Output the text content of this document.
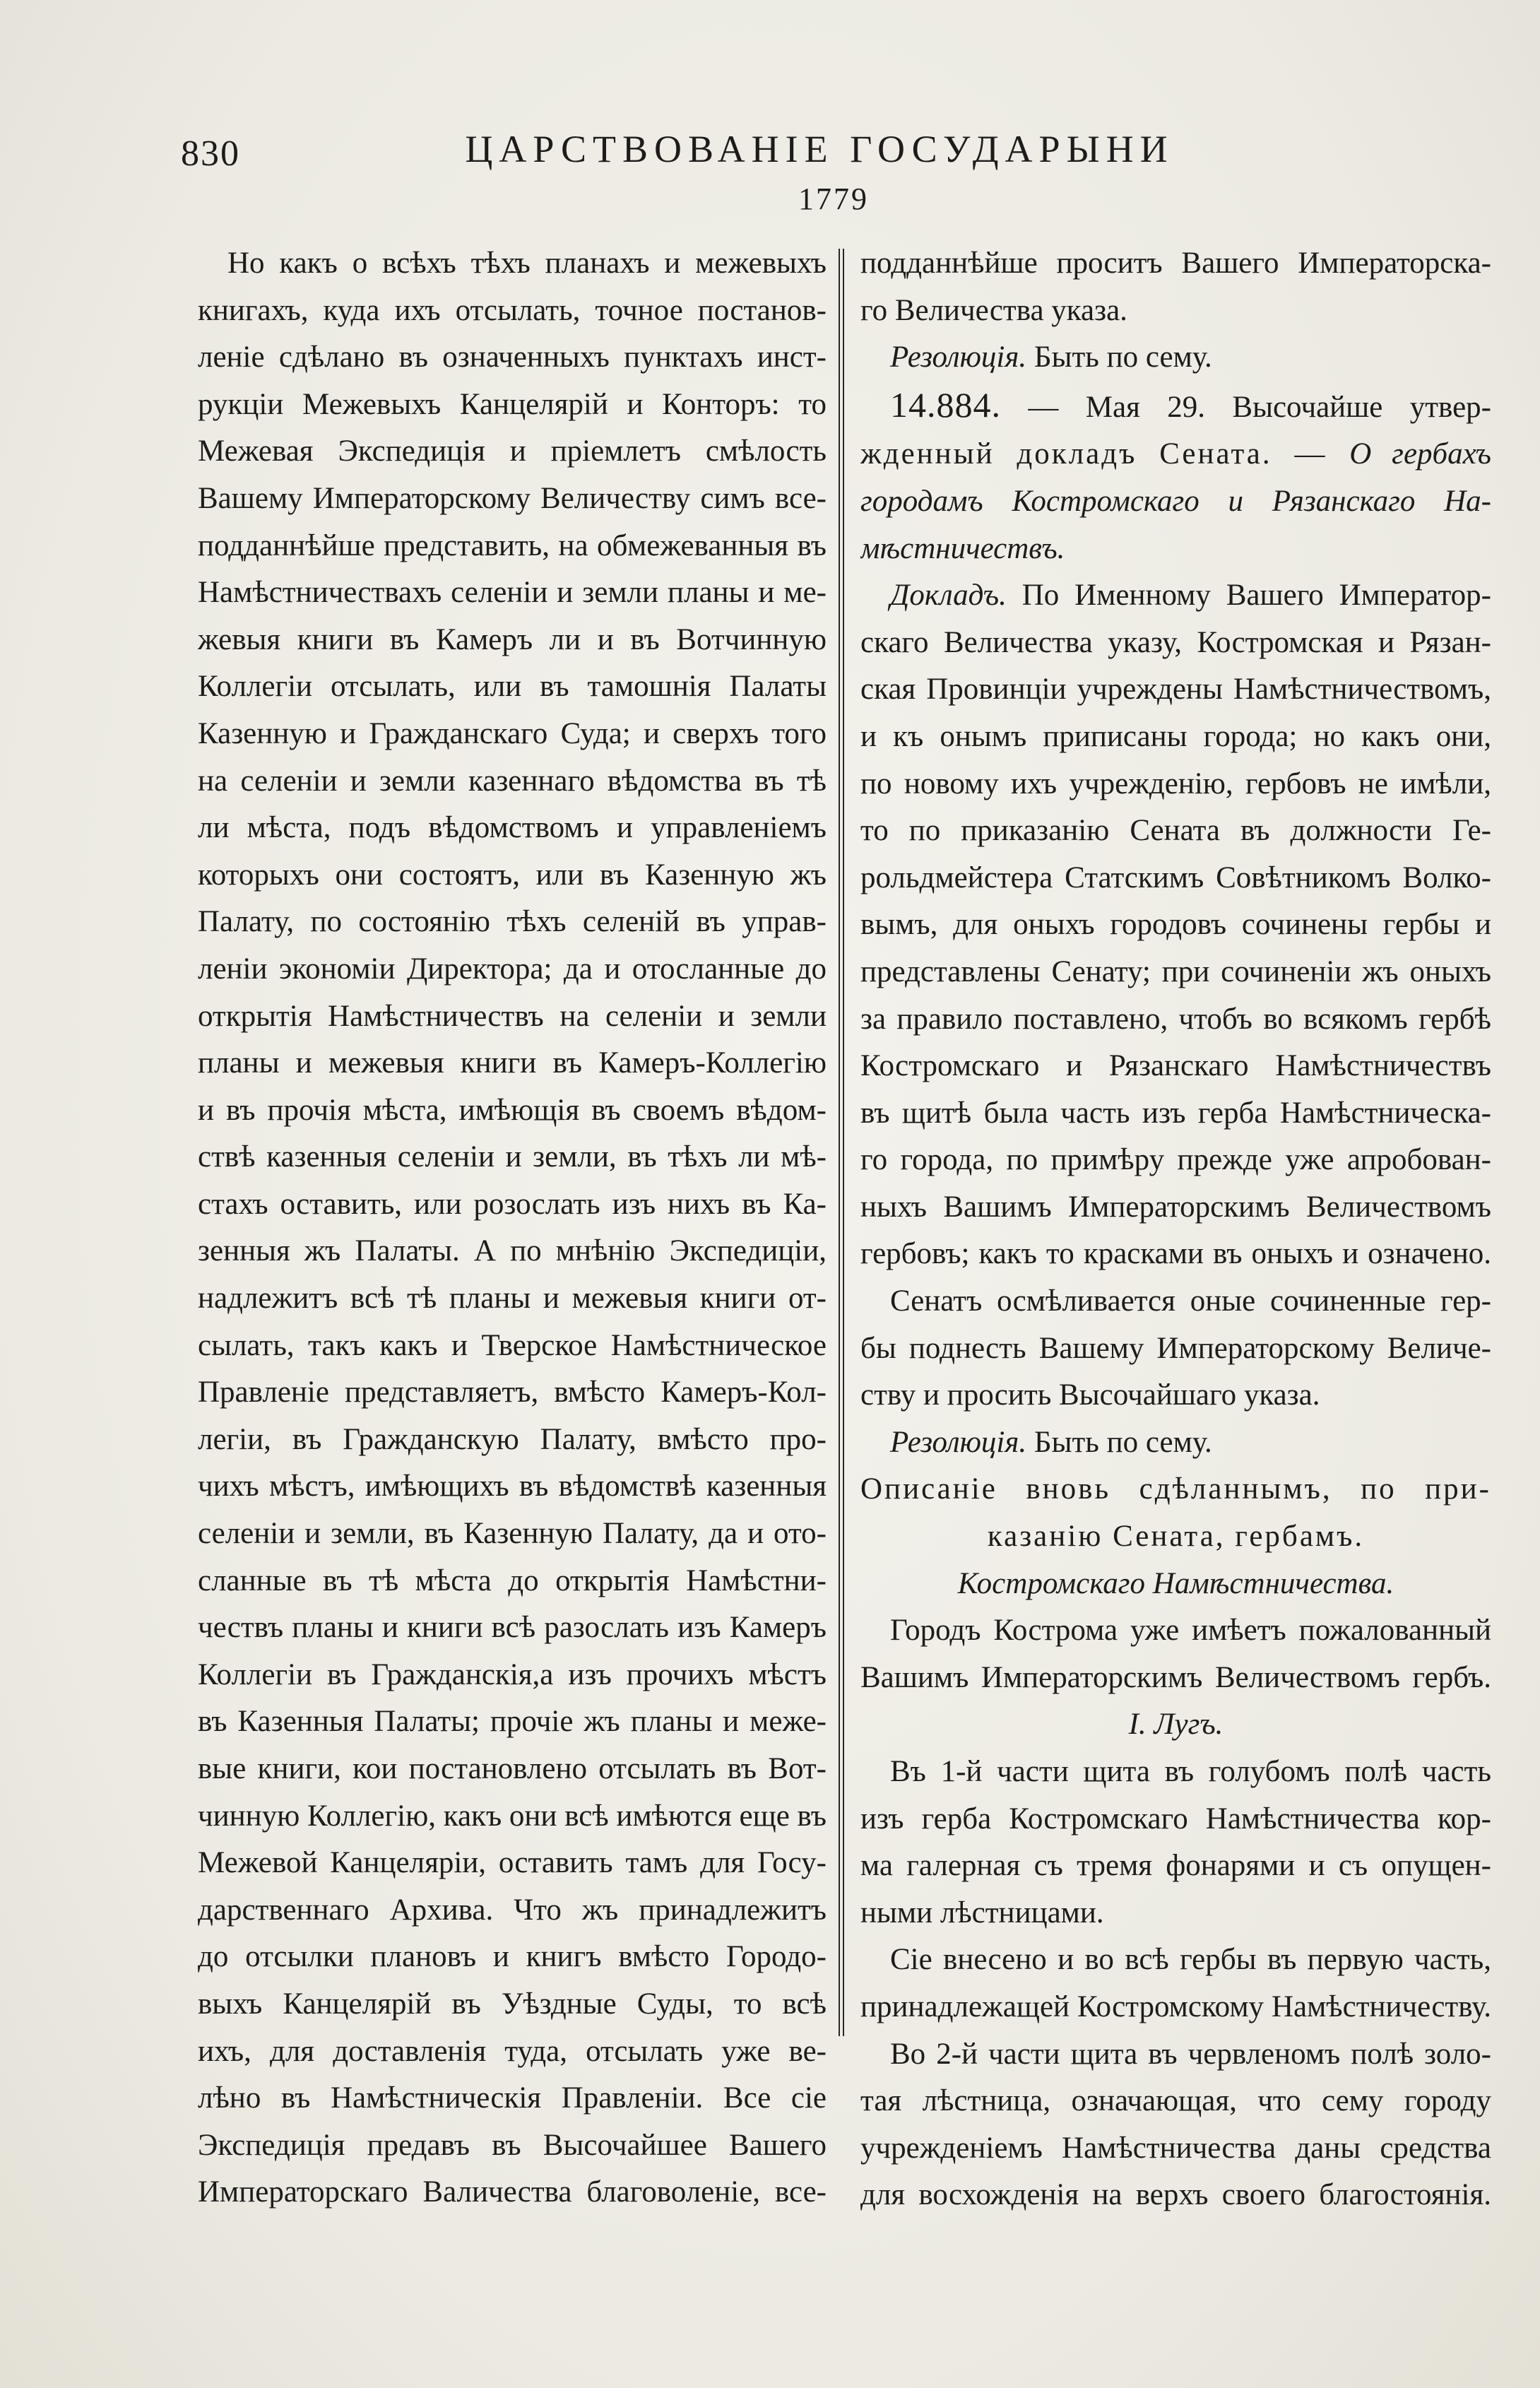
830	ЦАРСТВОВАНІЕ ГОСУДАРЫНИ
1779
Но какъ о всѣхъ тѣхъ планахъ и межевыхъ
книгахъ, куда ихъ отсылать, точное постанов-
леніе сдѣлано въ означенныхъ пунктахъ инст-
рукціи Межевыхъ Канцелярій и Конторъ: то
Межевая Экспедиція и пріемлетъ смѣлость
Вашему Императорскому Величеству симъ все-
подданнѣйше представить, на обмежеванныя въ
Намѣстничествахъ селеніи и земли планы и ме-
жевыя книги въ Камеръ ли и въ Вотчинную
Коллегіи отсылать, или въ тамошнія Палаты
Казенную и Гражданскаго Суда; и сверхъ того
на селеніи и земли казеннаго вѣдомства въ тѣ
ли мѣста, подъ вѣдомствомъ и управленіемъ
которыхъ они состоятъ, или въ Казенную жъ
Палату, по состоянію тѣхъ селеній въ управ-
леніи экономіи Директора; да и отосланные до
открытія Намѣстничествъ на селеніи и земли
планы и межевыя книги въ Камеръ-Коллегію
и въ прочія мѣста, имѣющія въ своемъ вѣдом-
ствѣ казенныя селеніи и земли, въ тѣхъ ли мѣ-
стахъ оставить, или розослать изъ нихъ въ Ка-
зенныя жъ Палаты. А по мнѣнію Экспедиціи,
надлежитъ всѣ тѣ планы и межевыя книги от-
сылать, такъ какъ и Тверское Намѣстническое
Правленіе представляетъ, вмѣсто Камеръ-Кол-
легіи, въ Гражданскую Палату, вмѣсто про-
чихъ мѣстъ, имѣющихъ въ вѣдомствѣ казенныя
селеніи и земли, въ Казенную Палату, да и ото-
сланные въ тѣ мѣста до открытія Намѣстни-
чествъ планы и книги всѣ разослать изъ Камеръ
Коллегіи въ Гражданскія,а изъ прочихъ мѣстъ
въ Казенныя Палаты; прочіе жъ планы и меже-
вые книги, кои постановлено отсылать въ Вот-
чинную Коллегію, какъ они всѣ имѣются еще въ
Межевой Канцеляріи, оставить тамъ для Госу-
дарственнаго Архива. Что жъ принадлежитъ
до отсылки плановъ и книгъ вмѣсто Городо-
выхъ Канцелярій въ Уѣздные Суды, то всѣ
ихъ, для доставленія туда, отсылать уже ве-
лѣно въ Намѣстническія Правленіи. Все сіе
Экспедиція предавъ въ Высочайшее Вашего
Императорскаго Валичества благоволеніе, все-
подданнѣйше проситъ Вашего Императорска-
го Величества указа.
Резолюція. Быть по сему.
14.884. — Мая 29. Высочайше утвер-
жденный докладъ Сената. — О гербахъ
городамъ Костромскаго и Рязанскаго На-
мѣстничествъ.
Докладъ. По Именному Вашего Император-
скаго Величества указу, Костромская и Рязан-
ская Провинціи учреждены Намѣстничествомъ,
и къ онымъ приписаны города; но какъ они,
по новому ихъ учрежденію, гербовъ не имѣли,
то по приказанію Сената въ должности Ге-
рольдмейстера Статскимъ Совѣтникомъ Волко-
вымъ, для оныхъ городовъ сочинены гербы и
представлены Сенату; при сочиненіи жъ оныхъ
за правило поставлено, чтобъ во всякомъ гербѣ
Костромскаго и Рязанскаго Намѣстничествъ
въ щитѣ была часть изъ герба Намѣстническа-
го города, по примѣру прежде уже апробован-
ныхъ Вашимъ Императорскимъ Величествомъ
гербовъ; какъ то красками въ оныхъ и означено.
Сенатъ осмѣливается оные сочиненные гер-
бы поднесть Вашему Императорскому Величе-
ству и просить Высочайшаго указа.
Резолюція. Быть по сему.
Описаніе вновь сдѣланнымъ, по при-
казанію Сената, гербамъ.
Костромскаго Намѣстничества.
Городъ Кострома уже имѣетъ пожалованный
Вашимъ Императорскимъ Величествомъ гербъ.
I. Лугъ.
Въ 1-й части щита въ голубомъ полѣ часть
изъ герба Костромскаго Намѣстничества кор-
ма галерная съ тремя фонарями и съ опущен-
ными лѣстницами.
Сіе внесено и во всѣ гербы въ первую часть,
принадлежащей Костромскому Намѣстничеству.
Во 2-й части щита въ червленомъ полѣ золо-
тая лѣстница, означающая, что сему городу
учрежденіемъ Намѣстничества даны средства
для восхожденія на верхъ своего благостоянія.
